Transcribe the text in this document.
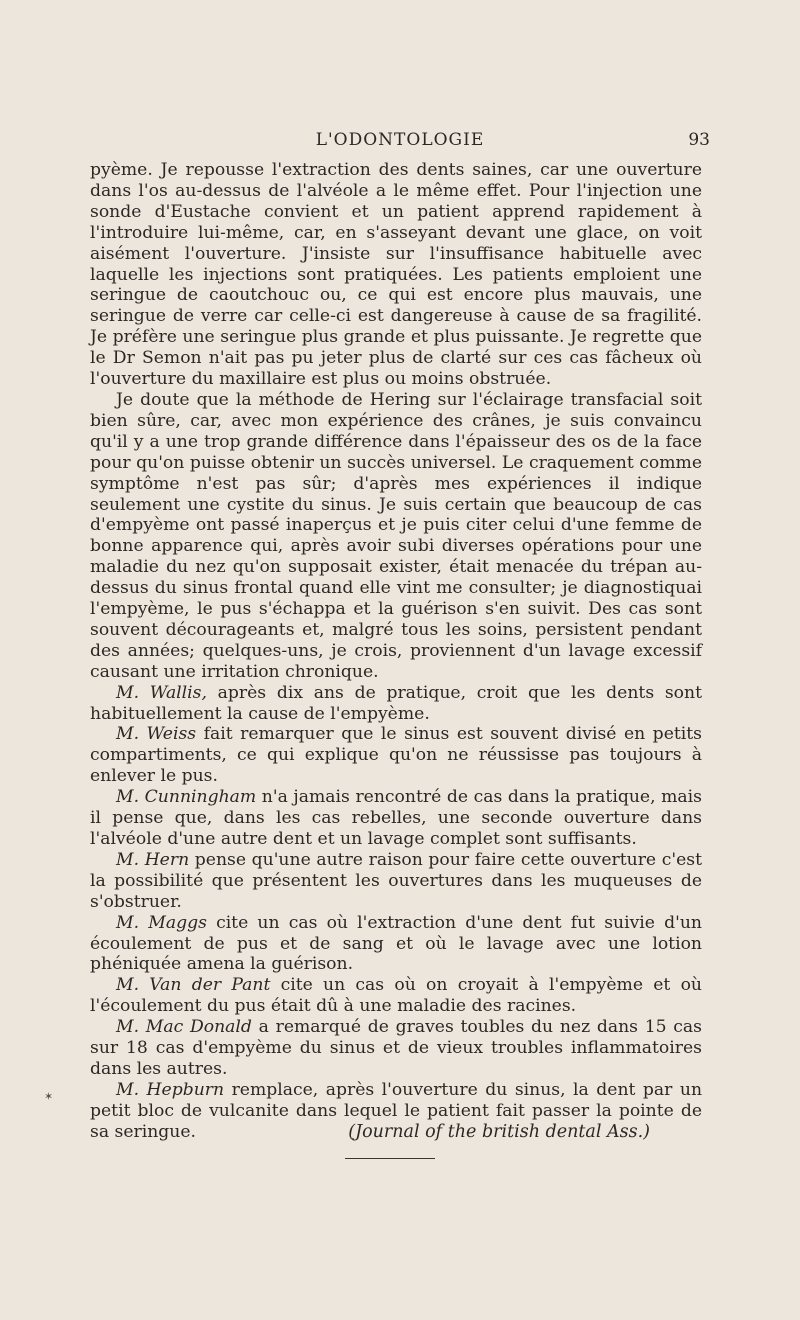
L'ODONTOLOGIE	93

pyème. Je repousse l'extraction des dents saines, car une ouverture dans l'os au-dessus de l'alvéole a le même effet. Pour l'injection une sonde d'Eustache convient et un patient apprend rapidement à l'introduire lui-même, car, en s'asseyant devant une glace, on voit aisément l'ouverture. J'insiste sur l'insuffisance habituelle avec laquelle les injections sont pratiquées. Les patients emploient une seringue de caoutchouc ou, ce qui est encore plus mauvais, une seringue de verre car celle-ci est dangereuse à cause de sa fragilité. Je préfère une seringue plus grande et plus puissante. Je regrette que le Dr Semon n'ait pas pu jeter plus de clarté sur ces cas fâcheux où l'ouverture du maxillaire est plus ou moins obstruée.

Je doute que la méthode de Hering sur l'éclairage transfacial soit bien sûre, car, avec mon expérience des crânes, je suis convaincu qu'il y a une trop grande différence dans l'épaisseur des os de la face pour qu'on puisse obtenir un succès universel. Le craquement comme symptôme n'est pas sûr; d'après mes expériences il indique seulement une cystite du sinus. Je suis certain que beaucoup de cas d'empyème ont passé inaperçus et je puis citer celui d'une femme de bonne apparence qui, après avoir subi diverses opérations pour une maladie du nez qu'on supposait exister, était menacée du trépan au-dessus du sinus frontal quand elle vint me consulter; je diagnostiquai l'empyème, le pus s'échappa et la guérison s'en suivit. Des cas sont souvent décourageants et, malgré tous les soins, persistent pendant des années; quelques-uns, je crois, proviennent d'un lavage excessif causant une irritation chronique.

M. Wallis, après dix ans de pratique, croit que les dents sont habituellement la cause de l'empyème.

M. Weiss fait remarquer que le sinus est souvent divisé en petits compartiments, ce qui explique qu'on ne réussisse pas toujours à enlever le pus.

M. Cunningham n'a jamais rencontré de cas dans la pratique, mais il pense que, dans les cas rebelles, une seconde ouverture dans l'alvéole d'une autre dent et un lavage complet sont suffisants.

M. Hern pense qu'une autre raison pour faire cette ouverture c'est la possibilité que présentent les ouvertures dans les muqueuses de s'obstruer.

M. Maggs cite un cas où l'extraction d'une dent fut suivie d'un écoulement de pus et de sang et où le lavage avec une lotion phéniquée amena la guérison.

M. Van der Pant cite un cas où on croyait à l'empyème et où l'écoulement du pus était dû à une maladie des racines.

M. Mac Donald a remarqué de graves toubles du nez dans 15 cas sur 18 cas d'empyème du sinus et de vieux troubles inflammatoires dans les autres.

M. Hepburn remplace, après l'ouverture du sinus, la dent par un petit bloc de vulcanite dans lequel le patient fait passer la pointe de sa seringue.	(Journal of the british dental Ass.)
✶
